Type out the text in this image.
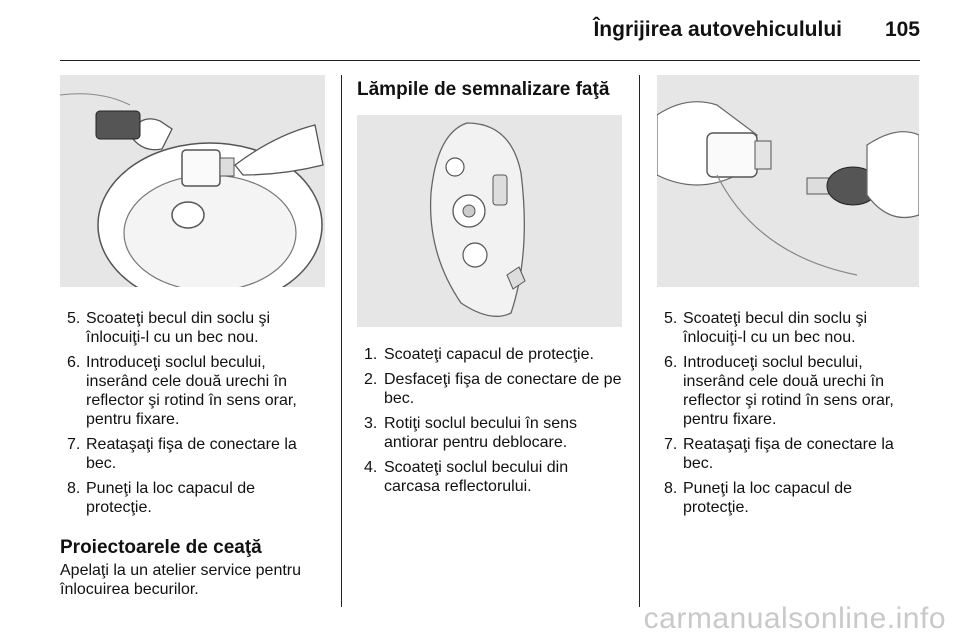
Îngrijirea autovehiculului 105
5. Scoateţi becul din soclu şi înlocuiţi-l cu un bec nou.
6. Introduceţi soclul becului, inserând cele două urechi în reflector şi rotind în sens orar, pentru fixare.
7. Reataşaţi fişa de conectare la bec.
8. Puneţi la loc capacul de protecţie.
Proiectoarele de ceaţă

Apelaţi la un atelier service pentru înlocuirea becurilor.

Lămpile de semnalizare faţă
1. Scoateţi capacul de protecţie.
2. Desfaceţi fişa de conectare de pe bec.
3. Rotiţi soclul becului în sens antiorar pentru deblocare.
4. Scoateţi soclul becului din carcasa reflectorului.
5. Scoateţi becul din soclu şi înlocuiţi-l cu un bec nou.
6. Introduceţi soclul becului, inserând cele două urechi în reflector şi rotind în sens orar, pentru fixare.
7. Reataşaţi fişa de conectare la bec.
8. Puneţi la loc capacul de protecţie.
carmanualsonline.info
